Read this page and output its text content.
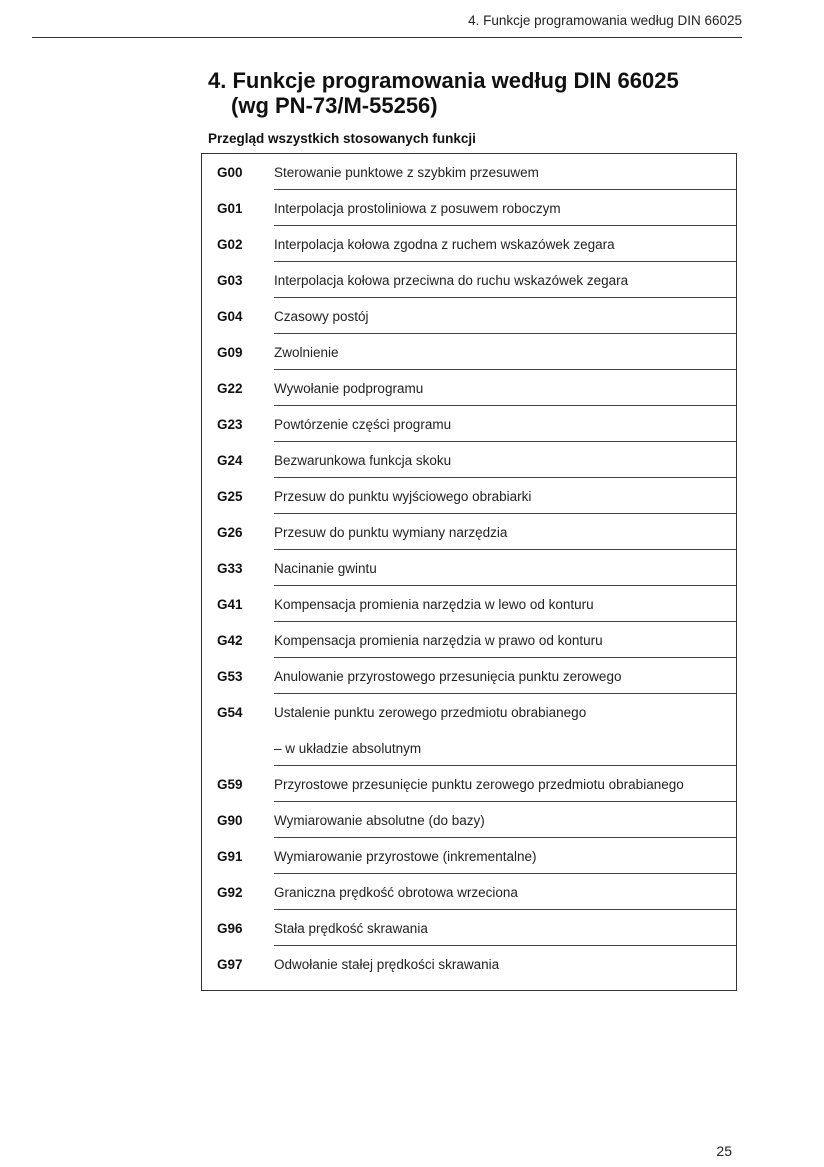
4. Funkcje programowania według DIN 66025
4. Funkcje programowania według DIN 66025
(wg PN-73/M-55256)
Przegląd wszystkich stosowanych funkcji
G00 Sterowanie punktowe z szybkim przesuwem
G01 Interpolacja prostoliniowa z posuwem roboczym
G02 Interpolacja kołowa zgodna z ruchem wskazówek zegara
G03 Interpolacja kołowa przeciwna do ruchu wskazówek zegara
G04 Czasowy postój
G09 Zwolnienie
G22 Wywołanie podprogramu
G23 Powtórzenie części programu
G24 Bezwarunkowa funkcja skoku
G25 Przesuw do punktu wyjściowego obrabiarki
G26 Przesuw do punktu wymiany narzędzia
G33 Nacinanie gwintu
G41 Kompensacja promienia narzędzia w lewo od konturu
G42 Kompensacja promienia narzędzia w prawo od konturu
G53 Anulowanie przyrostowego przesunięcia punktu zerowego
G54 Ustalenie punktu zerowego przedmiotu obrabianego
– w układzie absolutnym
G59 Przyrostowe przesunięcie punktu zerowego przedmiotu obrabianego
G90 Wymiarowanie absolutne (do bazy)
G91 Wymiarowanie przyrostowe (inkrementalne)
G92 Graniczna prędkość obrotowa wrzeciona
G96 Stała prędkość skrawania
G97 Odwołanie stałej prędkości skrawania
25
